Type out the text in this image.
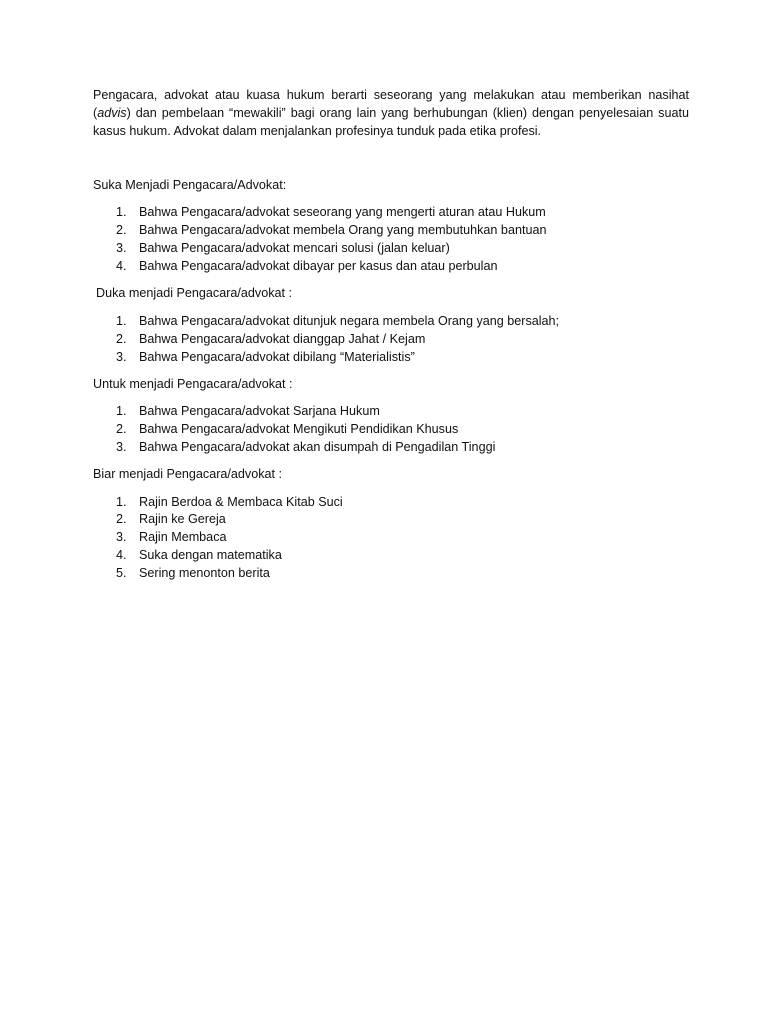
Pengacara, advokat atau kuasa hukum berarti seseorang yang melakukan atau memberikan nasihat (advis) dan pembelaan “mewakili” bagi orang lain yang berhubungan (klien) dengan penyelesaian suatu kasus hukum. Advokat dalam menjalankan profesinya tunduk pada etika profesi.

Suka Menjadi Pengacara/Advokat:

1. Bahwa Pengacara/advokat seseorang yang mengerti aturan atau Hukum
2. Bahwa Pengacara/advokat membela Orang yang membutuhkan bantuan
3. Bahwa Pengacara/advokat mencari solusi (jalan keluar)
4. Bahwa Pengacara/advokat dibayar per kasus dan atau perbulan

Duka menjadi Pengacara/advokat :

1. Bahwa Pengacara/advokat ditunjuk negara membela Orang yang bersalah;
2. Bahwa Pengacara/advokat dianggap Jahat / Kejam
3. Bahwa Pengacara/advokat dibilang “Materialistis”

Untuk menjadi Pengacara/advokat :

1. Bahwa Pengacara/advokat Sarjana Hukum
2. Bahwa Pengacara/advokat Mengikuti Pendidikan Khusus
3. Bahwa Pengacara/advokat akan disumpah di Pengadilan Tinggi

Biar menjadi Pengacara/advokat :

1. Rajin Berdoa & Membaca Kitab Suci
2. Rajin ke Gereja
3. Rajin Membaca
4. Suka dengan matematika
5. Sering menonton berita
